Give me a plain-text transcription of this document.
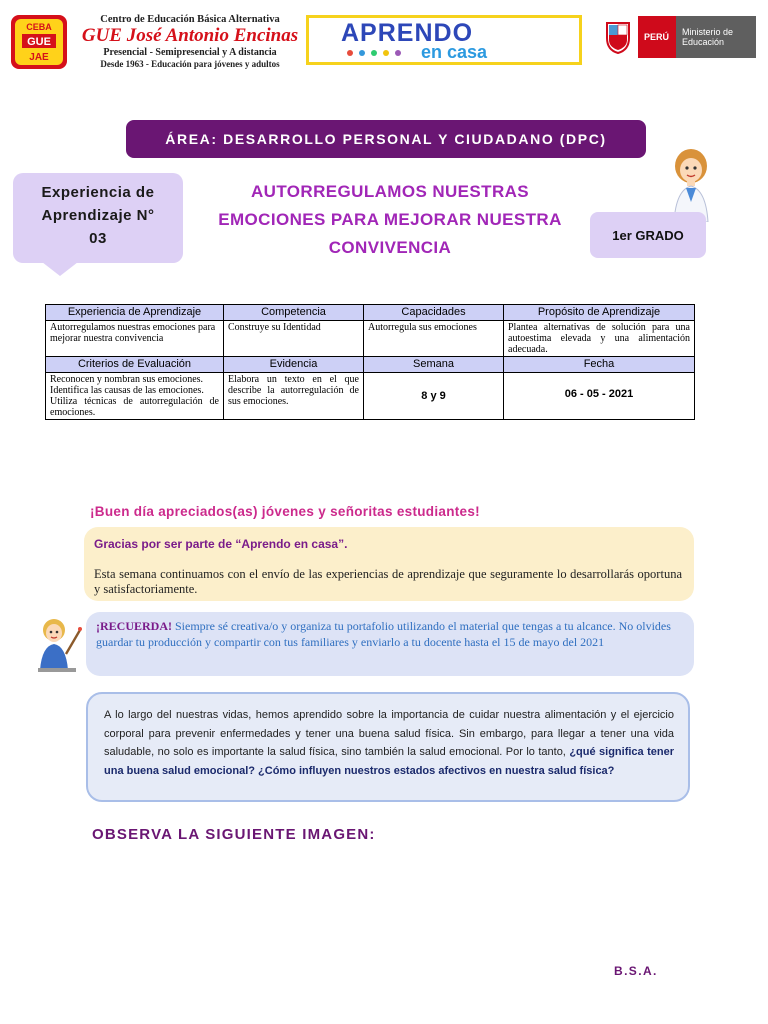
CEBA
GUE
JAE
Centro de Educación Básica Alternativa
GUE José Antonio Encinas
Presencial - Semipresencial y A distancia
Desde 1963 - Educación para jóvenes y adultos
APRENDO
en casa
PERÚ	Ministerio de Educación
ÁREA: DESARROLLO PERSONAL Y CIUDADANO (DPC)
Experiencia de
Aprendizaje N°
03
AUTORREGULAMOS NUESTRAS
EMOCIONES PARA MEJORAR NUESTRA
CONVIVENCIA
1er GRADO
Experiencia de Aprendizaje	Competencia	Capacidades	Propósito de Aprendizaje
Autorregulamos nuestras emociones para mejorar nuestra convivencia	Construye su Identidad	Autorregula sus emociones	Plantea alternativas de solución para una autoestima elevada y una alimentación adecuada.
Criterios de Evaluación	Evidencia	Semana	Fecha

Reconocen y nombran sus emociones.
Identifica las causas de las emociones.
Utiliza técnicas de autorregulación de emociones.	Elabora un texto en el que describe la autorregulación de sus emociones.	8 y 9	06 - 05 - 2021
¡Buen día apreciados(as) jóvenes y señoritas estudiantes!
Gracias por ser parte de “Aprendo en casa”.
Esta semana continuamos con el envío de las experiencias de aprendizaje que seguramente lo desarrollarás oportuna y satisfactoriamente.
¡RECUERDA! Siempre sé creativa/o y organiza tu portafolio utilizando el material que tengas a tu alcance. No olvides guardar tu producción y compartir con tus familiares y enviarlo a tu docente hasta el 15 de mayo del 2021
A lo largo del nuestras vidas, hemos aprendido sobre la importancia de cuidar nuestra alimentación y el ejercicio corporal para prevenir enfermedades y tener una buena salud física. Sin embargo, para llegar a tener una vida saludable, no solo es importante la salud física, sino también la salud emocional. Por lo tanto, ¿qué significa tener una buena salud emocional? ¿Cómo influyen nuestros estados afectivos en nuestra salud física?
OBSERVA LA SIGUIENTE IMAGEN:
B.S.A.
